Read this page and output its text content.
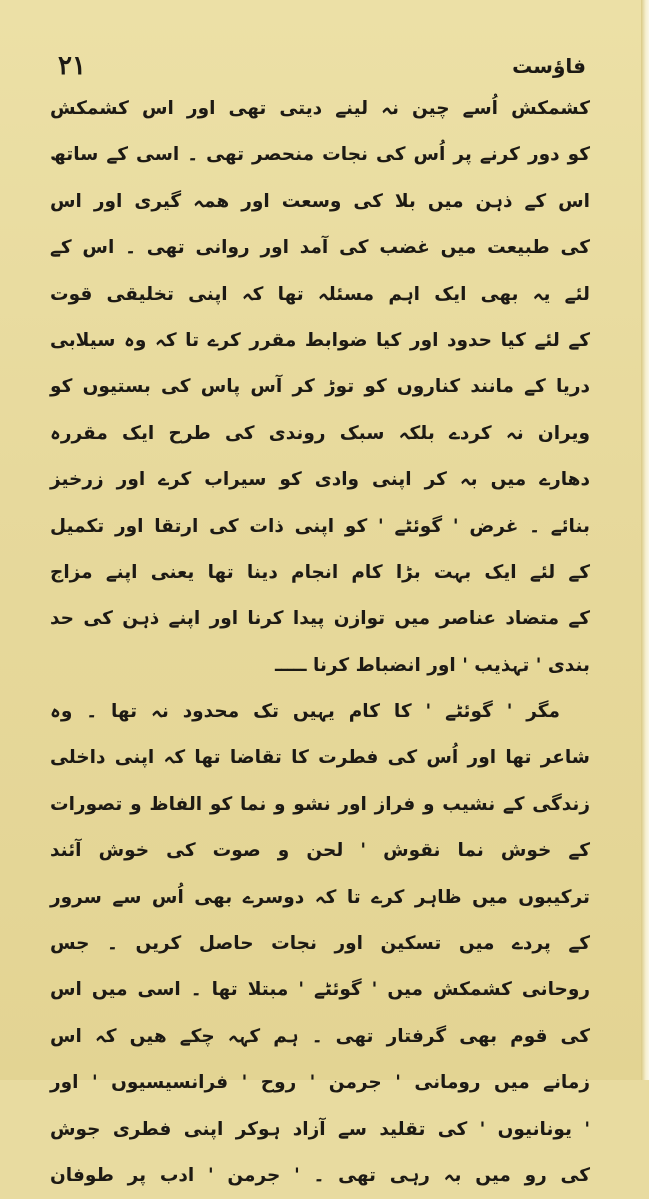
۲۱	فاؤست
کشمکش اُسے چین نہ لینے دیتی تھی اور اس کشمکش
کو دور کرنے پر اُس کی نجات منحصر تھی ۔ اسی کے ساتھ
اس کے ذہن میں بلا کی وسعت اور ھمہ گیری اور اس
کی طبیعت میں غضب کی آمد اور روانی تھی ۔ اس کے
لئے یہ بھی ایک اہم مسئلہ تھا کہ اپنی تخلیقی قوت
کے لئے کیا حدود اور کیا ضوابط مقرر کرے تا کہ وہ سیلابی
دریا کے مانند کناروں کو توڑ کر آس پاس کی بستیوں کو
ویران نہ کردے بلکہ سبک روندی کی طرح ایک مقررہ
دھارے میں بہ کر اپنی وادی کو سیراب کرے اور زرخیز
بنائے ۔ غرض ' گوئٹے ' کو اپنی ذات کی ارتقا اور تکمیل
کے لئے ایک بہت بڑا کام انجام دینا تھا یعنی اپنے مزاج
کے متضاد عناصر میں توازن پیدا کرنا اور اپنے ذہن کی حد
بندی ' تہذیب ' اور انضباط کرنا ـــــ
مگر ' گوئٹے ' کا کام یہیں تک محدود نہ تھا ۔ وہ
شاعر تھا اور اُس کی فطرت کا تقاضا تھا کہ اپنی داخلی
زندگی کے نشیب و فراز اور نشو و نما کو الفاظ و تصورات
کے خوش نما نقوش ' لحن و صوت کی خوش آئند
ترکیبوں میں ظاہر کرے تا کہ دوسرے بھی اُس سے سرور
کے پردے میں تسکین اور نجات حاصل کریں ۔ جس
روحانی کشمکش میں ' گوئٹے ' مبتلا تھا ۔ اسی میں اس
کی قوم بھی گرفتار تھی ۔ ہم کہہ چکے ھیں کہ اس
زمانے میں رومانی ' جرمن ' روح ' فرانسیسیوں ' اور
' یونانیوں ' کی تقلید سے آزاد ہوکر اپنی فطری جوش
کی رو میں بہ رہی تھی ۔ ' جرمن ' ادب پر طوفان
